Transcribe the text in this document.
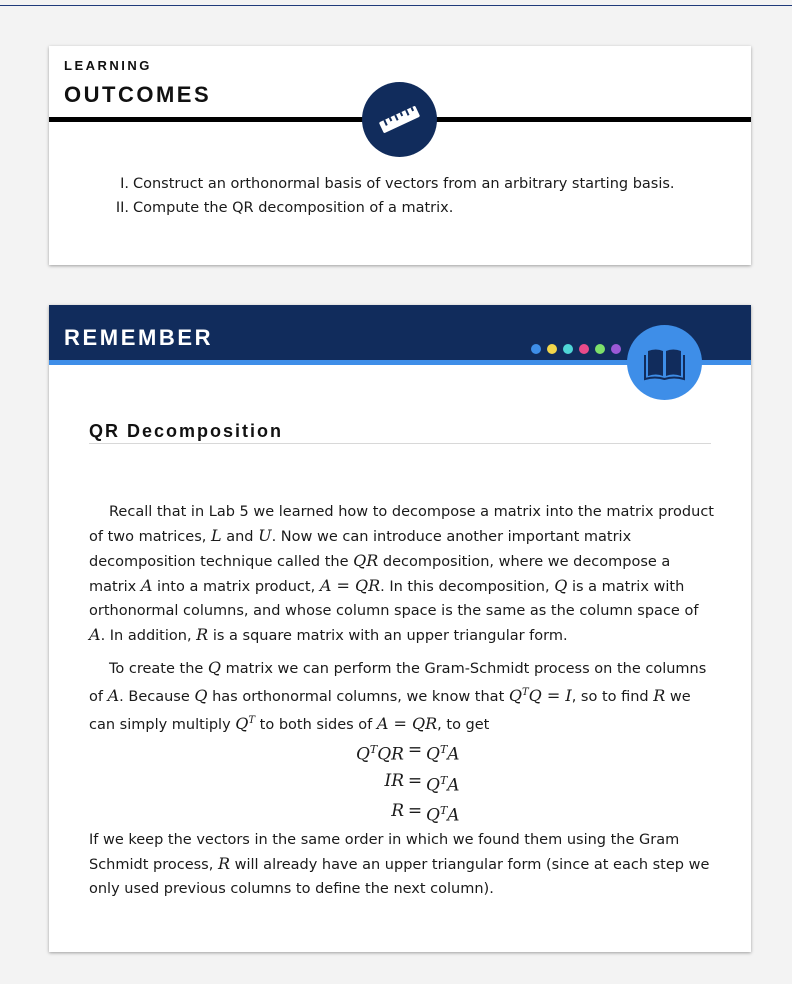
LEARNING
OUTCOMES
I. Construct an orthonormal basis of vectors from an arbitrary starting basis.
II. Compute the QR decomposition of a matrix.
REMEMBER
QR Decomposition

Recall that in Lab 5 we learned how to decompose a matrix into the matrix product of two matrices, L and U. Now we can introduce another important matrix decomposition technique called the QR decomposition, where we decompose a matrix A into a matrix product, A = QR. In this decomposition, Q is a matrix with orthonormal columns, and whose column space is the same as the column space of A. In addition, R is a square matrix with an upper triangular form.

To create the Q matrix we can perform the Gram-Schmidt process on the columns of A. Because Q has orthonormal columns, we know that $Q^TQ = I$, so to find R we can simply multiply $Q^T$ to both sides of A = QR, to get

$Q^TQR = Q^TA$
IR = $Q^TA$
$R = Q^TA$

If we keep the vectors in the same order in which we found them using the Gram Schmidt process, R will already have an upper triangular form (since at each step we only used previous columns to define the next column).
